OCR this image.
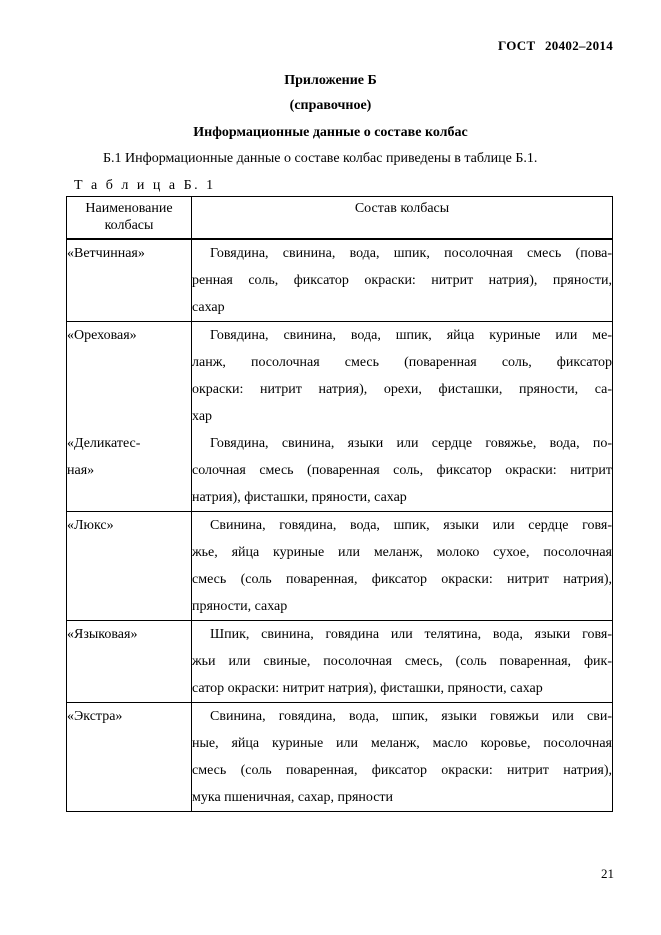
ГОСТ 20402–2014
Приложение Б
(справочное)
Информационные данные о составе колбас
Б.1 Информационные данные о составе колбас приведены в таблице Б.1.
Т а б л и ц а Б. 1
Наименование колбасы	Состав колбасы
«Ветчинная»	Говядина, свинина, вода, шпик, посолочная смесь (пова-
ренная соль, фиксатор окраски: нитрит натрия), пряности,
сахар

«Ореховая»	Говядина, свинина, вода, шпик, яйца куриные или ме-
ланж, посолочная смесь (поваренная соль, фиксатор
окраски: нитрит натрия), орехи, фисташки, пряности, са-
хар

«Деликатес-
ная»	Говядина, свинина, языки или сердце говяжье, вода, по-
солочная смесь (поваренная соль, фиксатор окраски: нитрит
натрия), фисташки, пряности, сахар

«Люкс»	Свинина, говядина, вода, шпик, языки или сердце говя-
жье, яйца куриные или меланж, молоко сухое, посолочная
смесь (соль поваренная, фиксатор окраски: нитрит натрия),
пряности, сахар

«Языковая»	Шпик, свинина, говядина или телятина, вода, языки говя-
жьи или свиные, посолочная смесь, (соль поваренная, фик-
сатор окраски: нитрит натрия), фисташки, пряности, сахар

«Экстра»	Свинина, говядина, вода, шпик, языки говяжьи или сви-
ные, яйца куриные или меланж, масло коровье, посолочная
смесь (соль поваренная, фиксатор окраски: нитрит натрия),
мука пшеничная, сахар, пряности
21
